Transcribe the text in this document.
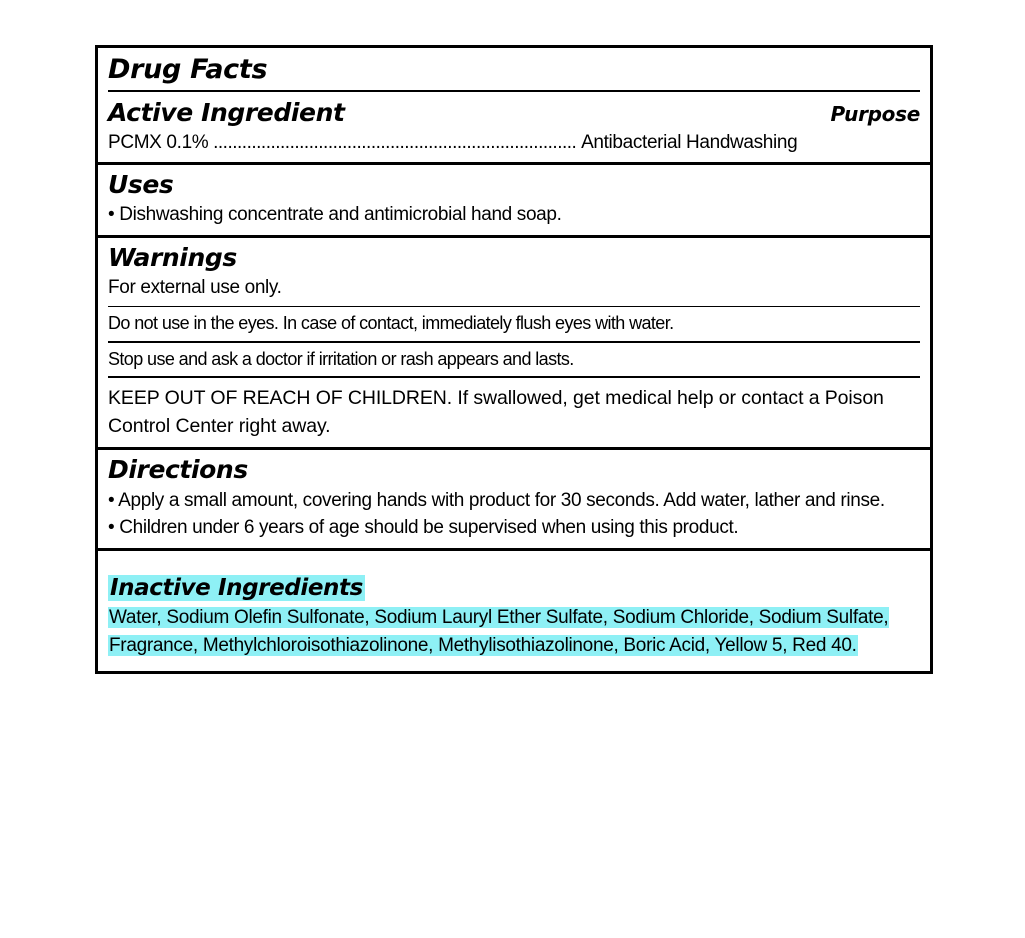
Drug Facts
Active Ingredient	Purpose
PCMX 0.1% ............................................................................ Antibacterial Handwashing
Uses
• Dishwashing concentrate and antimicrobial hand soap.
Warnings
For external use only.
Do not use in the eyes. In case of contact, immediately flush eyes with water.
Stop use and ask a doctor if irritation or rash appears and lasts.
KEEP OUT OF REACH OF CHILDREN. If swallowed, get medical help or contact a Poison Control Center right away.
Directions
• Apply a small amount, covering hands with product for 30 seconds. Add water, lather and rinse.
• Children under 6 years of age should be supervised when using this product.
Inactive Ingredients
Water, Sodium Olefin Sulfonate, Sodium Lauryl Ether Sulfate, Sodium Chloride, Sodium Sulfate, Fragrance, Methylchloroisothiazolinone, Methylisothiazolinone, Boric Acid, Yellow 5, Red 40.
